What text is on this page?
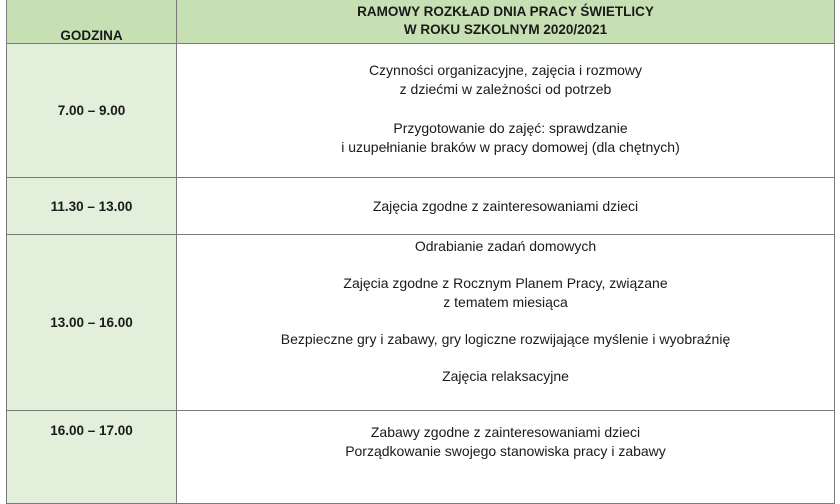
GODZINA	RAMOWY ROZKŁAD DNIA PRACY ŚWIETLICY
W ROKU SZKOLNYM 2020/2021

7.00 – 9.00	Czynności organizacyjne, zajęcia i rozmowy
z dziećmi w zależności od potrzeb
Przygotowanie do zajęć: sprawdzanie
i uzupełnianie braków w pracy domowej (dla chętnych)

11.30 – 13.00	Zajęcia zgodne z zainteresowaniami dzieci

13.00 – 16.00	Odrabianie zadań domowych
Zajęcia zgodne z Rocznym Planem Pracy, związane
z tematem miesiąca
Bezpieczne gry i zabawy, gry logiczne rozwijające myślenie i wyobraźnię
Zajęcia relaksacyjne

16.00 – 17.00	Zabawy zgodne z zainteresowaniami dzieci
Porządkowanie swojego stanowiska pracy i zabawy
